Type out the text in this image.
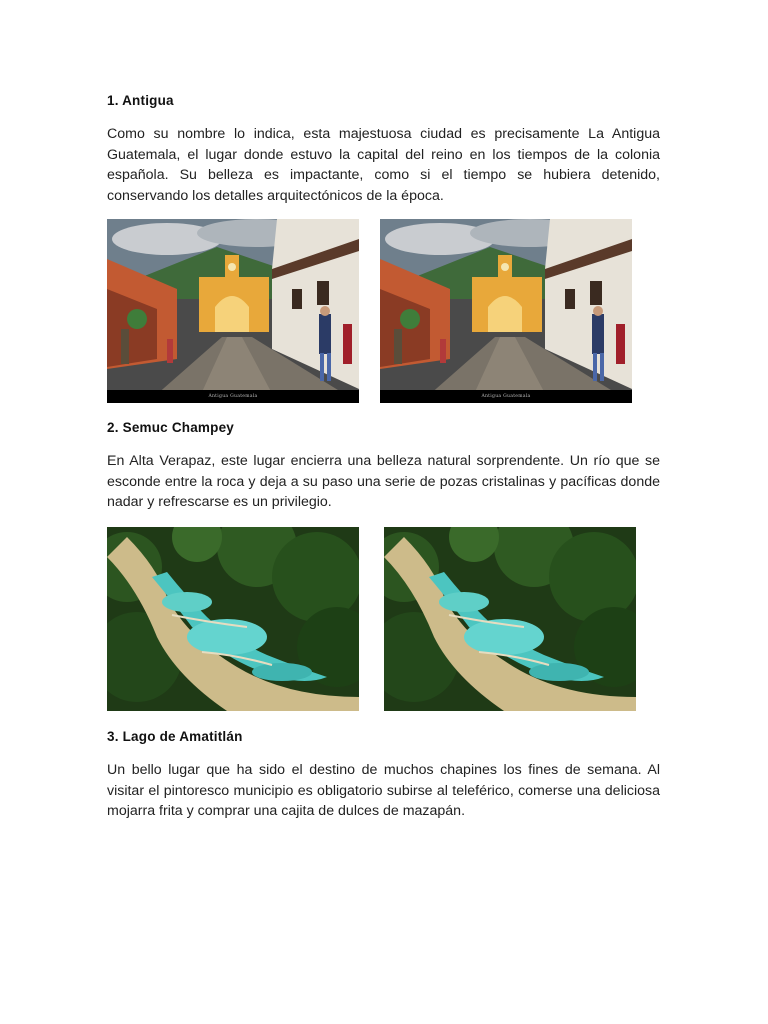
1. Antigua

Como su nombre lo indica, esta majestuosa ciudad es precisamente La Antigua Guatemala, el lugar donde estuvo la capital del reino en los tiempos de la colonia española. Su belleza es impactante, como si el tiempo se hubiera detenido, conservando los detalles arquitectónicos de la época.

Antigua Guatemala	Antigua Guatemala
2. Semuc Champey

En Alta Verapaz, este lugar encierra una belleza natural sorprendente. Un río que se esconde entre la roca y deja a su paso una serie de pozas cristalinas y pacíficas donde nadar y refrescarse es un privilegio.

3. Lago de Amatitlán

Un bello lugar que ha sido el destino de muchos chapines los fines de semana. Al visitar el pintoresco municipio es obligatorio subirse al teleférico, comerse una deliciosa mojarra frita y comprar una cajita de dulces de mazapán.
